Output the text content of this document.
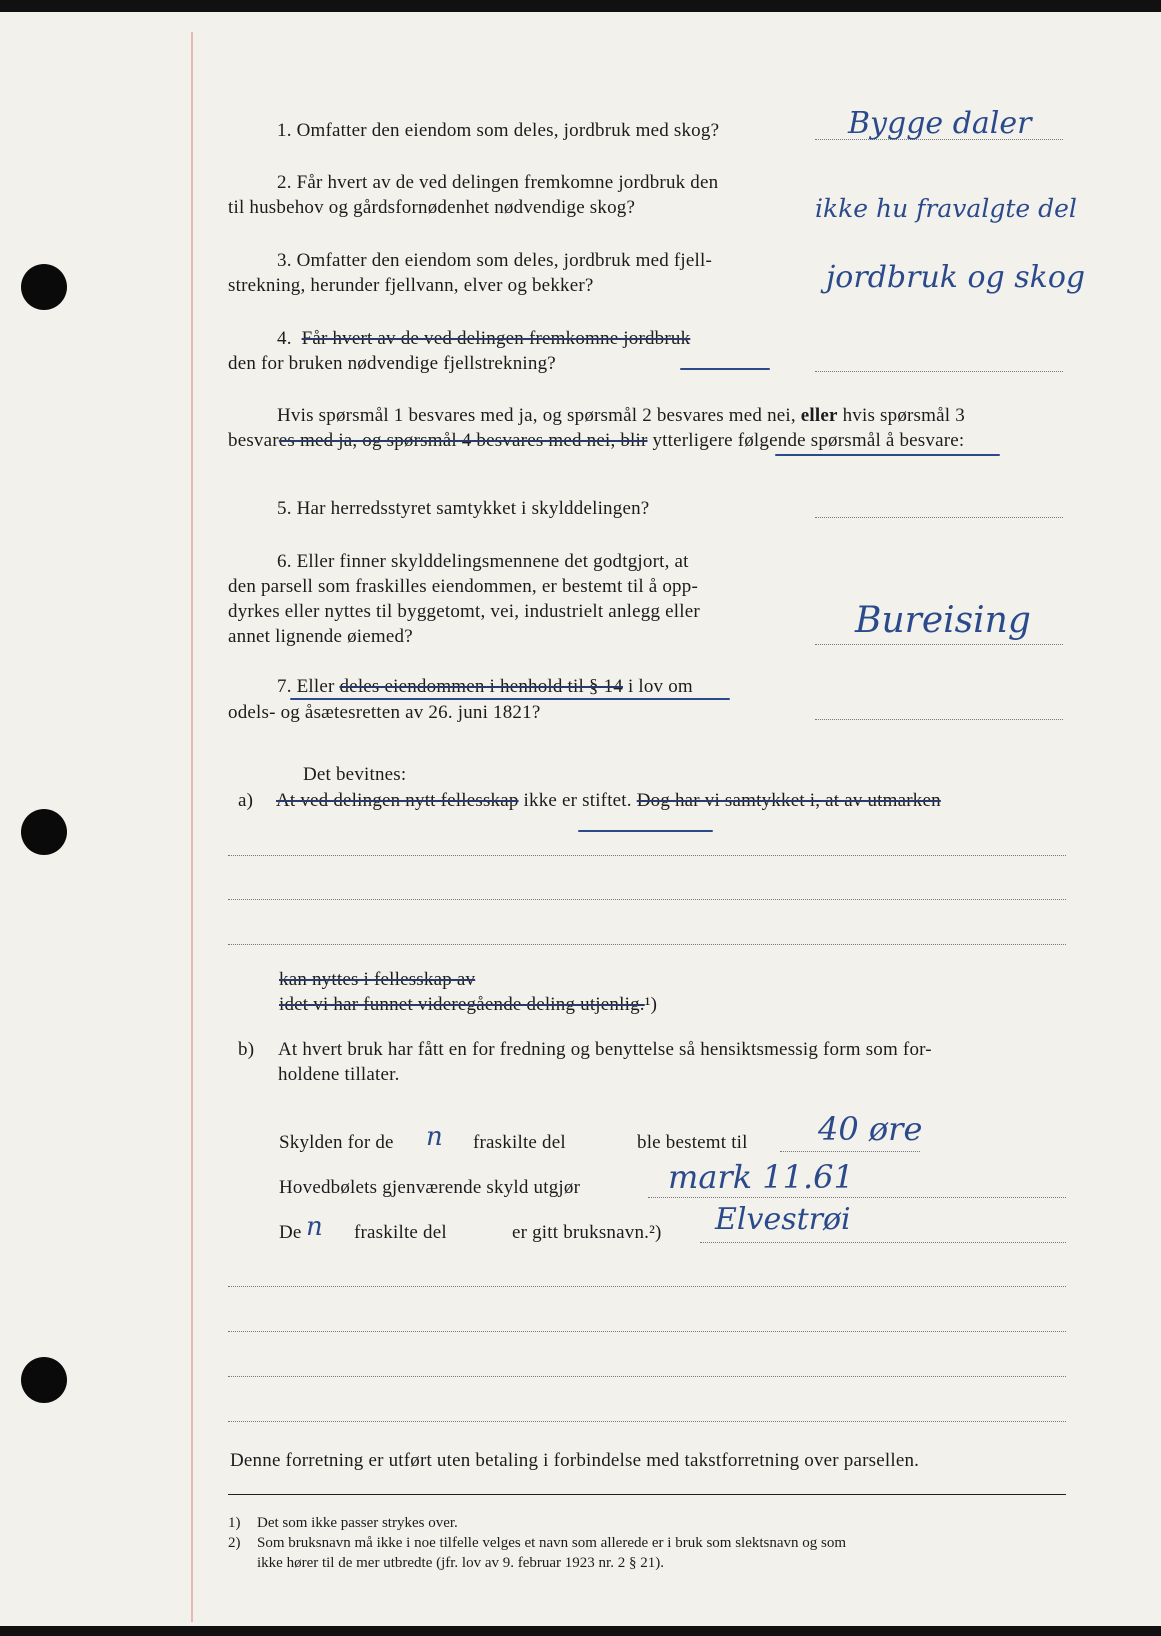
1. Omfatter den eiendom som deles, jordbruk med skog?	Bygge daler
2. Får hvert av de ved delingen fremkomne jordbruk den
til husbehov og gårdsfornødenhet nødvendige skog?	ikke hu fravalgte del
3. Omfatter den eiendom som deles, jordbruk med fjell-
strekning, herunder fjellvann, elver og bekker?	jordbruk og skog
4. Får hvert av de ved delingen fremkomne jordbruk
den for bruken nødvendige fjellstrekning?
Hvis spørsmål 1 besvares med ja, og spørsmål 2 besvares med nei, eller hvis spørsmål 3
besvares med ja, og spørsmål 4 besvares med nei, blir ytterligere følgende spørsmål å besvare:
5. Har herredsstyret samtykket i skylddelingen?
6. Eller finner skylddelingsmennene det godtgjort, at
den parsell som fraskilles eiendommen, er bestemt til å opp-
dyrkes eller nyttes til byggetomt, vei, industrielt anlegg eller
annet lignende øiemed?	Bureising
7. Eller deles eiendommen i henhold til § 14 i lov om
odels- og åsætesretten av 26. juni 1821?
Det bevitnes:
a) At ved delingen nytt fellesskap ikke er stiftet. Dog har vi samtykket i, at av utmarken
kan nyttes i fellesskap av
idet vi har funnet videregående deling utjenlig.¹)
b) At hvert bruk har fått en for fredning og benyttelse så hensiktsmessig form som for-
holdene tillater.
Skylden for de n fraskilte del	ble bestemt til 40 øre
Hovedbølets gjenværende skyld utgjør	mark 11.61
De n fraskilte del	er gitt bruksnavn.²) Elvestrøi
Denne forretning er utført uten betaling i forbindelse med takstforretning over parsellen.
1) Det som ikke passer strykes over.
2) Som bruksnavn må ikke i noe tilfelle velges et navn som allerede er i bruk som slektsnavn og som
ikke hører til de mer utbredte (jfr. lov av 9. februar 1923 nr. 2 § 21).
